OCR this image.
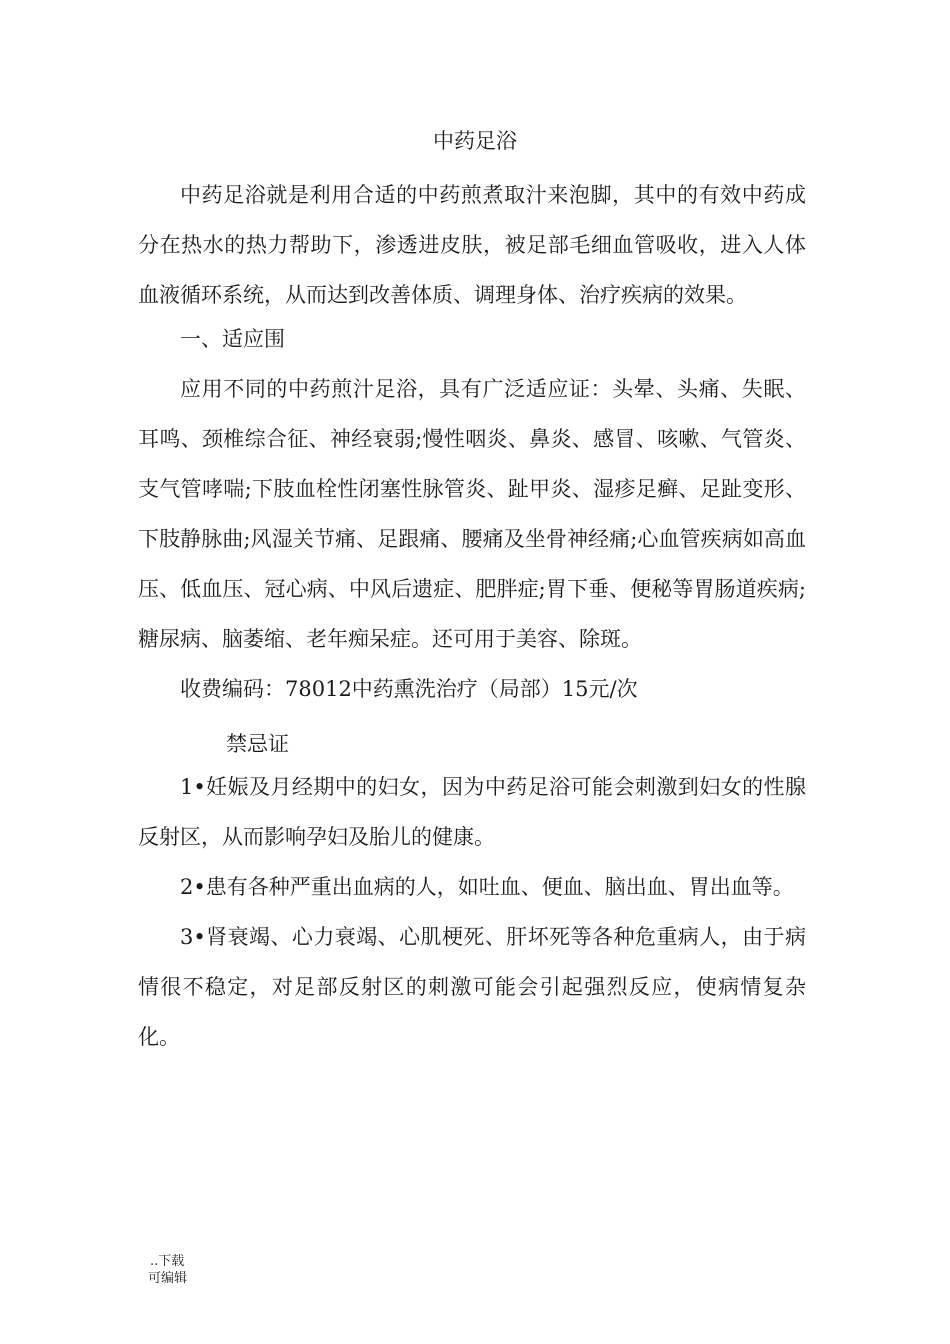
中药足浴

中药足浴就是利用合适的中药煎煮取汁来泡脚，其中的有效中药成分在热水的热力帮助下，渗透进皮肤，被足部毛细血管吸收，进入人体血液循环系统，从而达到改善体质、调理身体、治疗疾病的效果。

一、适应围

应用不同的中药煎汁足浴，具有广泛适应证：头晕、头痛、失眠、耳鸣、颈椎综合征、神经衰弱;慢性咽炎、鼻炎、感冒、咳嗽、气管炎、支气管哮喘;下肢血栓性闭塞性脉管炎、趾甲炎、湿疹足癣、足趾变形、下肢静脉曲;风湿关节痛、足跟痛、腰痛及坐骨神经痛;心血管疾病如高血压、低血压、冠心病、中风后遗症、肥胖症;胃下垂、便秘等胃肠道疾病;糖尿病、脑萎缩、老年痴呆症。还可用于美容、除斑。

收费编码：78012中药熏洗治疗（局部）15元/次

禁忌证

1•妊娠及月经期中的妇女，因为中药足浴可能会刺激到妇女的性腺反射区，从而影响孕妇及胎儿的健康。

2•患有各种严重出血病的人，如吐血、便血、脑出血、胃出血等。

3•肾衰竭、心力衰竭、心肌梗死、肝坏死等各种危重病人，由于病情很不稳定，对足部反射区的刺激可能会引起强烈反应，使病情复杂化。

..下载
可编辑
